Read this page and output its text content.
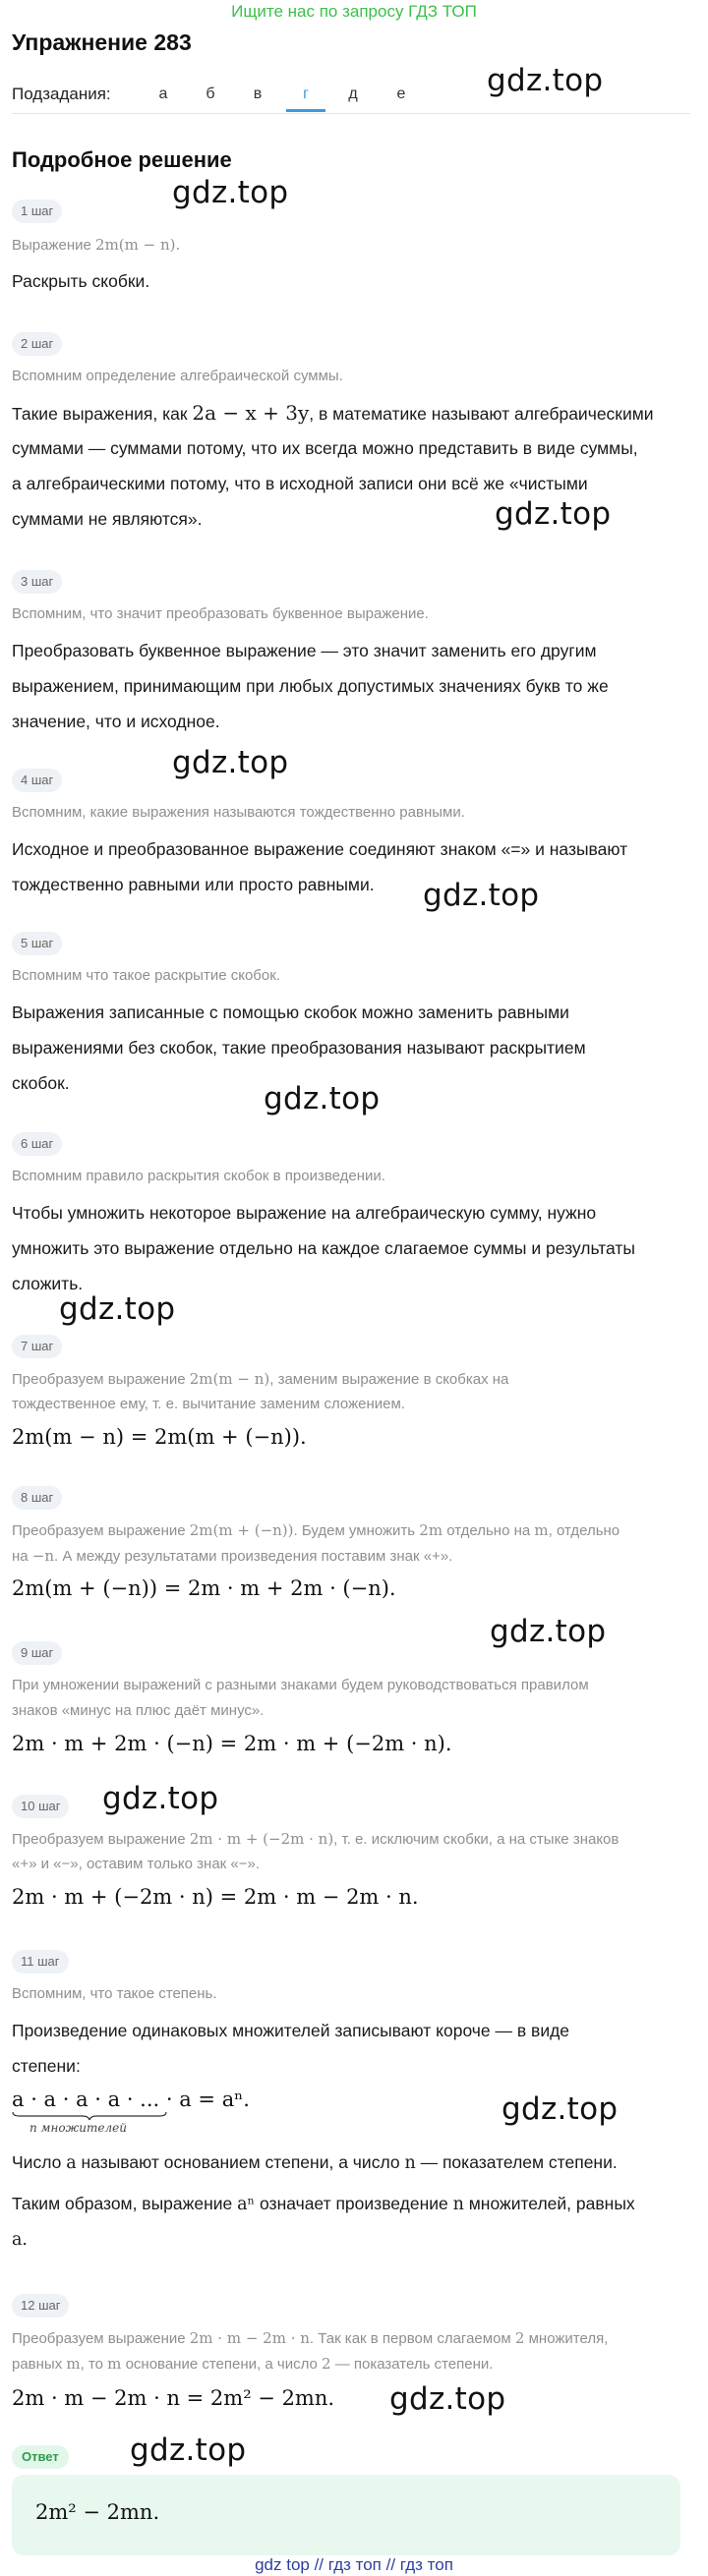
Ищите нас по запросу ГДЗ ТОП
Упражнение 283
Подзадания:	а	б	в	г	д	е	gdz.top
gdz.top
gdz.top
gdz.top
gdz.top
gdz.top
gdz.top
gdz.top
gdz.top
gdz.top
gdz.top
gdz.top
Подробное решение
1 шаг
Выражение 2m(m − n).
Раскрыть скобки.
2 шаг
Вспомним определение алгебраической суммы.
Такие выражения, как 2a − x + 3y, в математике называют алгебраическими
суммами — суммами потому, что их всегда можно представить в виде суммы,
а алгебраическими потому, что в исходной записи они всё же «чистыми
суммами не являются».
3 шаг
Вспомним, что значит преобразовать буквенное выражение.
Преобразовать буквенное выражение — это значит заменить его другим
выражением, принимающим при любых допустимых значениях букв то же
значение, что и исходное.
4 шаг
Вспомним, какие выражения называются тождественно равными.
Исходное и преобразованное выражение соединяют знаком «=» и называют
тождественно равными или просто равными.
5 шаг
Вспомним что такое раскрытие скобок.
Выражения записанные с помощью скобок можно заменить равными
выражениями без скобок, такие преобразования называют раскрытием
скобок.
6 шаг
Вспомним правило раскрытия скобок в произведении.
Чтобы умножить некоторое выражение на алгебраическую сумму, нужно
умножить это выражение отдельно на каждое слагаемое суммы и результаты
сложить.
7 шаг
Преобразуем выражение 2m(m − n), заменим выражение в скобках на
тождественное ему, т. е. вычитание заменим сложением.
2m(m − n) = 2m(m + (−n)).
8 шаг
Преобразуем выражение 2m(m + (−n)). Будем умножить 2m отдельно на m, отдельно
на −n. А между результатами произведения поставим знак «+».
2m(m + (−n)) = 2m · m + 2m · (−n).
9 шаг
При умножении выражений с разными знаками будем руководствоваться правилом
знаков «минус на плюс даёт минус».
2m · m + 2m · (−n) = 2m · m + (−2m · n).
10 шаг
Преобразуем выражение 2m · m + (−2m · n), т. е. исключим скобки, а на стыке знаков
«+» и «−», оставим только знак «−».
2m · m + (−2m · n) = 2m · m − 2m · n.
11 шаг
Вспомним, что такое степень.
Произведение одинаковых множителей записывают короче — в виде
степени:
a · a · a · a · ... · a = aⁿ.
n множителей
Число a называют основанием степени, а число n — показателем степени.
Таким образом, выражение aⁿ означает произведение n множителей, равных
a.
12 шаг
Преобразуем выражение 2m · m − 2m · n. Так как в первом слагаемом 2 множителя,
равных m, то m основание степени, а число 2 — показатель степени.
2m · m − 2m · n = 2m² − 2mn.
Ответ
2m² − 2mn.
gdz top // гдз топ // гдз топ
